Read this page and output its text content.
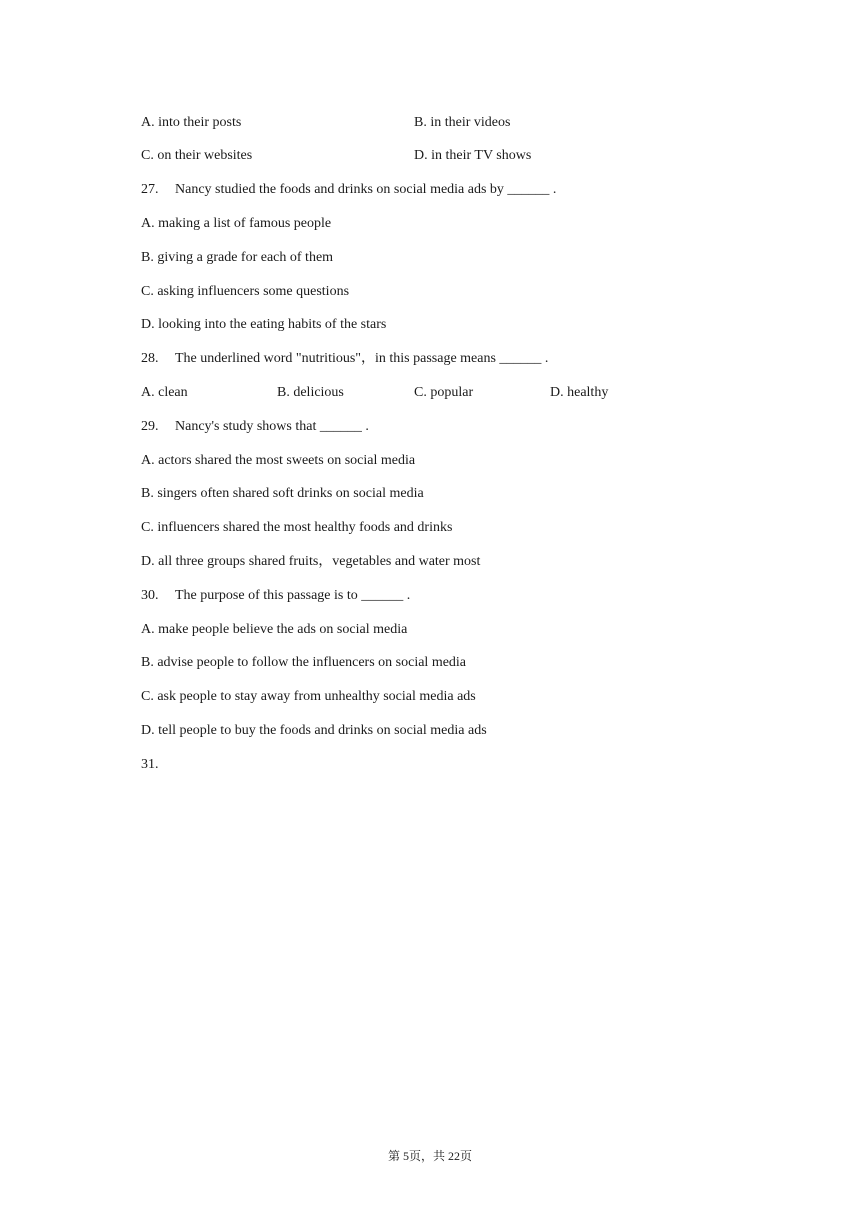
A. into their posts	B. in their videos
C. on their websites	D. in their TV shows
27. Nancy studied the foods and drinks on social media ads by ______ .
A. making a list of famous people
B. giving a grade for each of them
C. asking influencers some questions
D. looking into the eating habits of the stars
28. The underlined word "nutritious"，in this passage means ______ .
A. clean	B. delicious	C. popular	D. healthy
29. Nancy's study shows that ______ .
A. actors shared the most sweets on social media
B. singers often shared soft drinks on social media
C. influencers shared the most healthy foods and drinks
D. all three groups shared fruits，vegetables and water most
30. The purpose of this passage is to ______ .
A. make people believe the ads on social media
B. advise people to follow the influencers on social media
C. ask people to stay away from unhealthy social media ads
D. tell people to buy the foods and drinks on social media ads
31.
第 5页，共 22页
